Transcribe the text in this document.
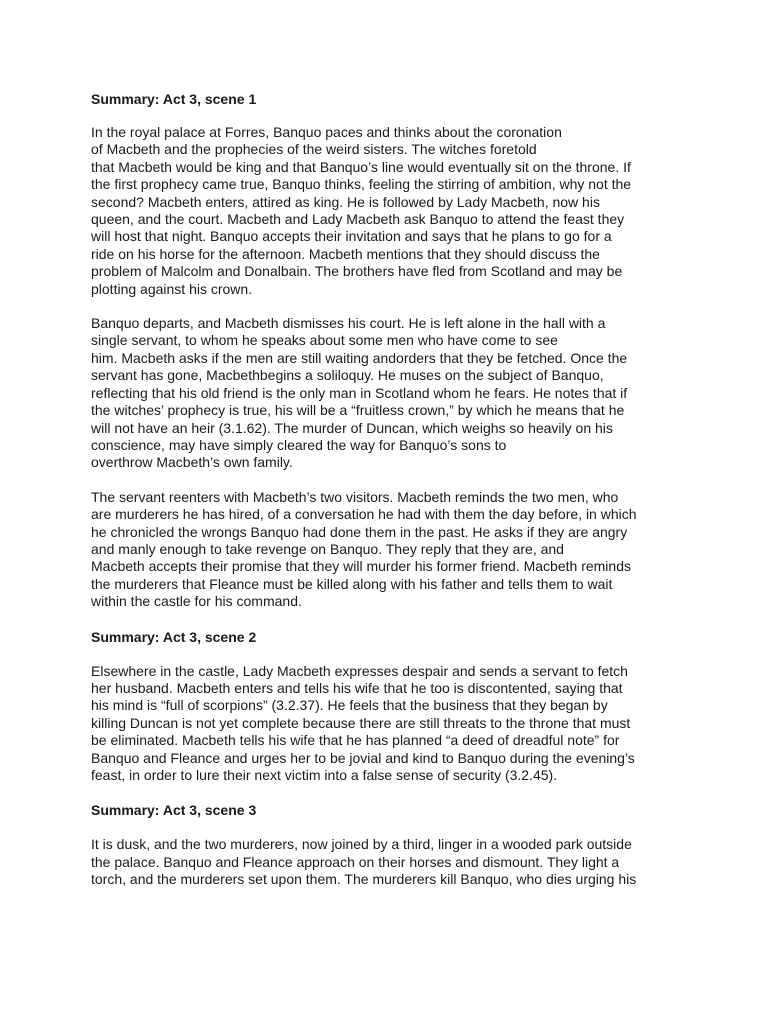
Summary: Act 3, scene 1
In the royal palace at Forres, Banquo paces and thinks about the coronation
of Macbeth and the prophecies of the weird sisters. The witches foretold
that Macbeth would be king and that Banquo’s line would eventually sit on the throne. If
the first prophecy came true, Banquo thinks, feeling the stirring of ambition, why not the
second? Macbeth enters, attired as king. He is followed by Lady Macbeth, now his
queen, and the court. Macbeth and Lady Macbeth ask Banquo to attend the feast they
will host that night. Banquo accepts their invitation and says that he plans to go for a
ride on his horse for the afternoon. Macbeth mentions that they should discuss the
problem of Malcolm and Donalbain. The brothers have fled from Scotland and may be
plotting against his crown.
Banquo departs, and Macbeth dismisses his court. He is left alone in the hall with a
single servant, to whom he speaks about some men who have come to see
him. Macbeth asks if the men are still waiting andorders that they be fetched. Once the
servant has gone, Macbethbegins a soliloquy. He muses on the subject of Banquo,
reflecting that his old friend is the only man in Scotland whom he fears. He notes that if
the witches’ prophecy is true, his will be a “fruitless crown,” by which he means that he
will not have an heir (3.1.62). The murder of Duncan, which weighs so heavily on his
conscience, may have simply cleared the way for Banquo’s sons to
overthrow Macbeth’s own family.
The servant reenters with Macbeth’s two visitors. Macbeth reminds the two men, who
are murderers he has hired, of a conversation he had with them the day before, in which
he chronicled the wrongs Banquo had done them in the past. He asks if they are angry
and manly enough to take revenge on Banquo. They reply that they are, and
Macbeth accepts their promise that they will murder his former friend. Macbeth reminds
the murderers that Fleance must be killed along with his father and tells them to wait
within the castle for his command.
Summary: Act 3, scene 2
Elsewhere in the castle, Lady Macbeth expresses despair and sends a servant to fetch
her husband. Macbeth enters and tells his wife that he too is discontented, saying that
his mind is “full of scorpions” (3.2.37). He feels that the business that they began by
killing Duncan is not yet complete because there are still threats to the throne that must
be eliminated. Macbeth tells his wife that he has planned “a deed of dreadful note” for
Banquo and Fleance and urges her to be jovial and kind to Banquo during the evening’s
feast, in order to lure their next victim into a false sense of security (3.2.45).
Summary: Act 3, scene 3
It is dusk, and the two murderers, now joined by a third, linger in a wooded park outside
the palace. Banquo and Fleance approach on their horses and dismount. They light a
torch, and the murderers set upon them. The murderers kill Banquo, who dies urging his
